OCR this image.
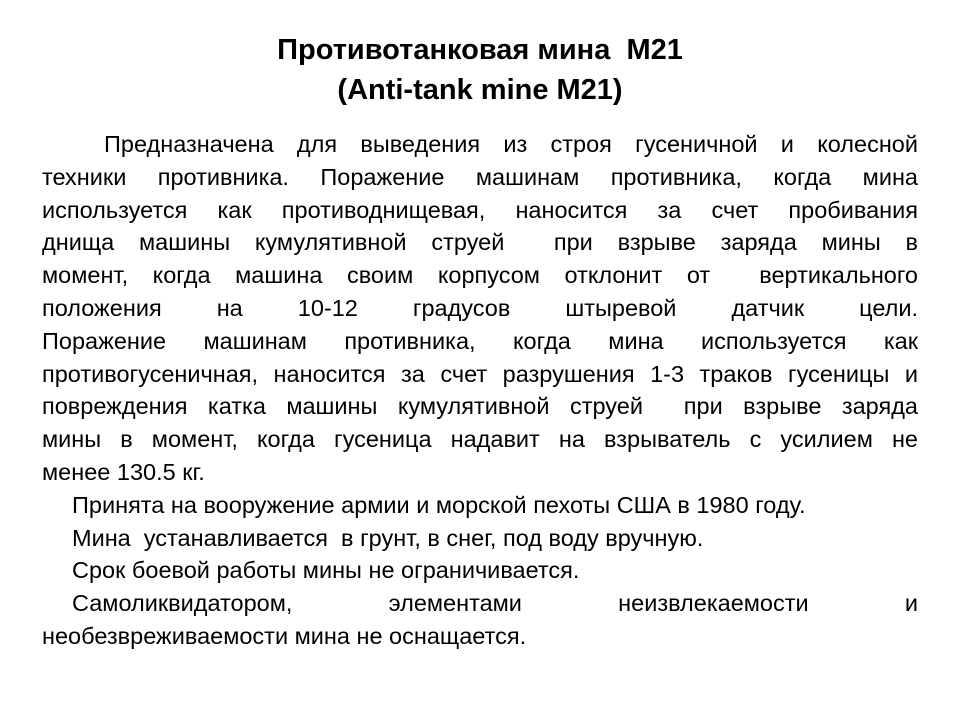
Противотанковая мина  М21
(Anti-tank mine M21)
Предназначена для выведения из строя гусеничной и колесной
техники противника. Поражение машинам противника, когда мина
используется как противоднищевая, наносится за счет пробивания
днища машины кумулятивной струей  при взрыве заряда мины в
момент, когда машина своим корпусом отклонит от  вертикального
положения на 10-12 градусов штыревой датчик цели.
Поражение машинам противника, когда мина используется как
противогусеничная, наносится за счет разрушения 1-3 траков гусеницы и
повреждения катка машины кумулятивной струей  при взрыве заряда
мины в момент, когда гусеница надавит на взрыватель с усилием не
менее 130.5 кг.
Принята на вооружение армии и морской пехоты США в 1980 году.
Мина  устанавливается  в грунт, в снег, под воду вручную.
Срок боевой работы мины не ограничивается.
Самоликвидатором, элементами неизвлекаемости и
необезвреживаемости мина не оснащается.
